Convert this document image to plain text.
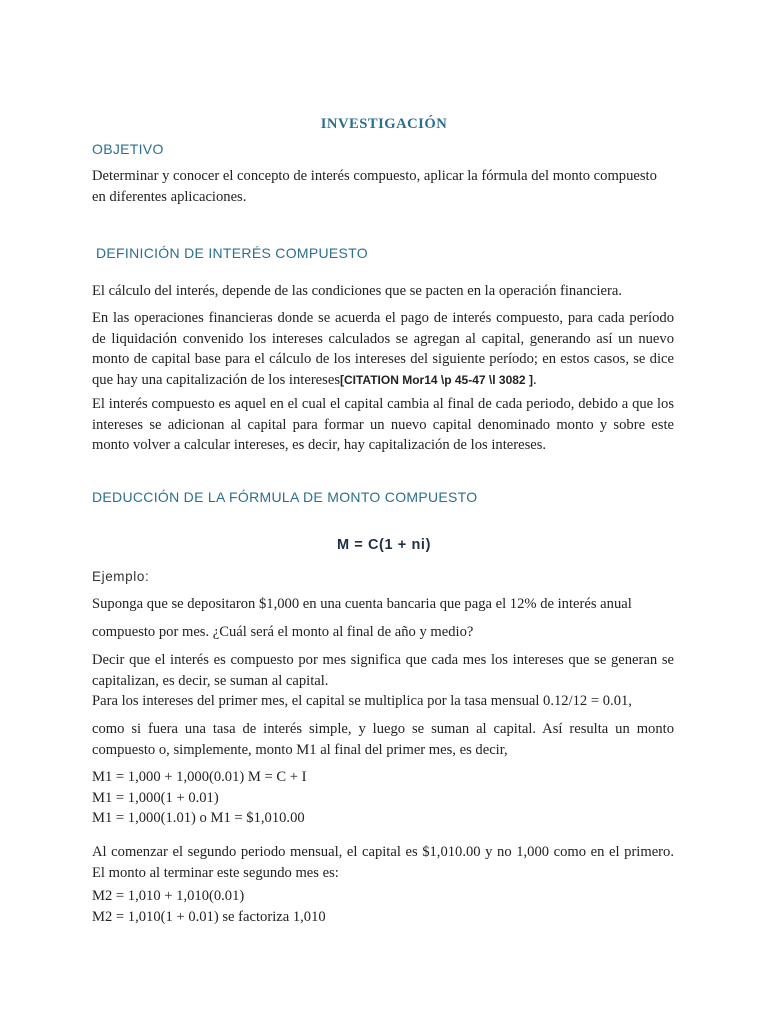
INVESTIGACIÓN
OBJETIVO
Determinar y conocer el concepto de interés compuesto, aplicar la fórmula del monto compuesto en diferentes aplicaciones.
DEFINICIÓN DE INTERÉS COMPUESTO
El cálculo del interés, depende de las condiciones que se pacten en la operación financiera.
En las operaciones financieras donde se acuerda el pago de interés compuesto, para cada período de liquidación convenido los intereses calculados se agregan al capital, generando así un nuevo monto de capital base para el cálculo de los intereses del siguiente período; en estos casos, se dice que hay una capitalización de los intereses[CITATION Mor14 \p 45-47 \l 3082 ].
El interés compuesto es aquel en el cual el capital cambia al final de cada periodo, debido a que los intereses se adicionan al capital para formar un nuevo capital denominado monto y sobre este monto volver a calcular intereses, es decir, hay capitalización de los intereses.
DEDUCCIÓN DE LA FÓRMULA DE MONTO COMPUESTO
M = C(1 + ni)
Ejemplo:
Suponga que se depositaron $1,000 en una cuenta bancaria que paga el 12% de interés anual
compuesto por mes. ¿Cuál será el monto al final de año y medio?
Decir que el interés es compuesto por mes significa que cada mes los intereses que se generan se capitalizan, es decir, se suman al capital.
Para los intereses del primer mes, el capital se multiplica por la tasa mensual 0.12/12 = 0.01,
como si fuera una tasa de interés simple, y luego se suman al capital. Así resulta un monto compuesto o, simplemente, monto M1 al final del primer mes, es decir,
M1 = 1,000 + 1,000(0.01) M = C + I
M1 = 1,000(1 + 0.01)
M1 = 1,000(1.01) o M1 = $1,010.00
Al comenzar el segundo periodo mensual, el capital es $1,010.00 y no 1,000 como en el primero. El monto al terminar este segundo mes es:
M2 = 1,010 + 1,010(0.01)
M2 = 1,010(1 + 0.01) se factoriza 1,010
